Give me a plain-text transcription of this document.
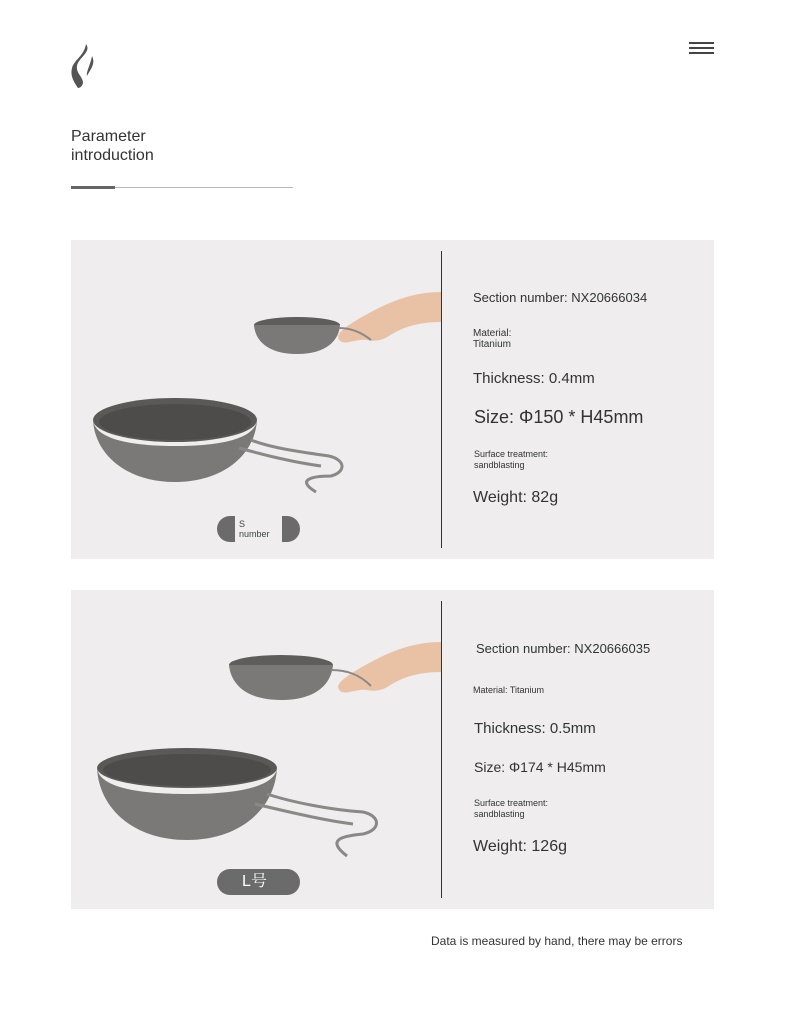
Parameter
introduction
Section number: NX20666034
Material:
Titanium
Thickness: 0.4mm
Size: Φ150 * H45mm
Surface treatment:
sandblasting
Weight: 82g
S
number
Section number: NX20666035
Material: Titanium
Thickness: 0.5mm
Size: Φ174 * H45mm
Surface treatment:
sandblasting
Weight: 126g
L号
Data is measured by hand, there may be errors
